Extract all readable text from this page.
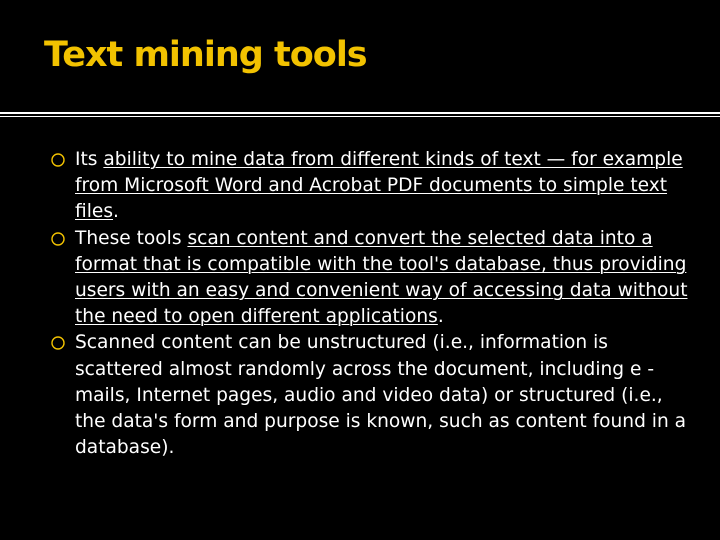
Text mining tools
Its ability to mine data from different kinds of text — for example from Microsoft Word and Acrobat PDF documents to simple text files.
These tools scan content and convert the selected data into a format that is compatible with the tool's database, thus providing users with an easy and convenient way of accessing data without the need to open different applications.
Scanned content can be unstructured (i.e., information is scattered almost randomly across the document, including e -mails, Internet pages, audio and video data) or structured (i.e., the data's form and purpose is known, such as content found in a database).
